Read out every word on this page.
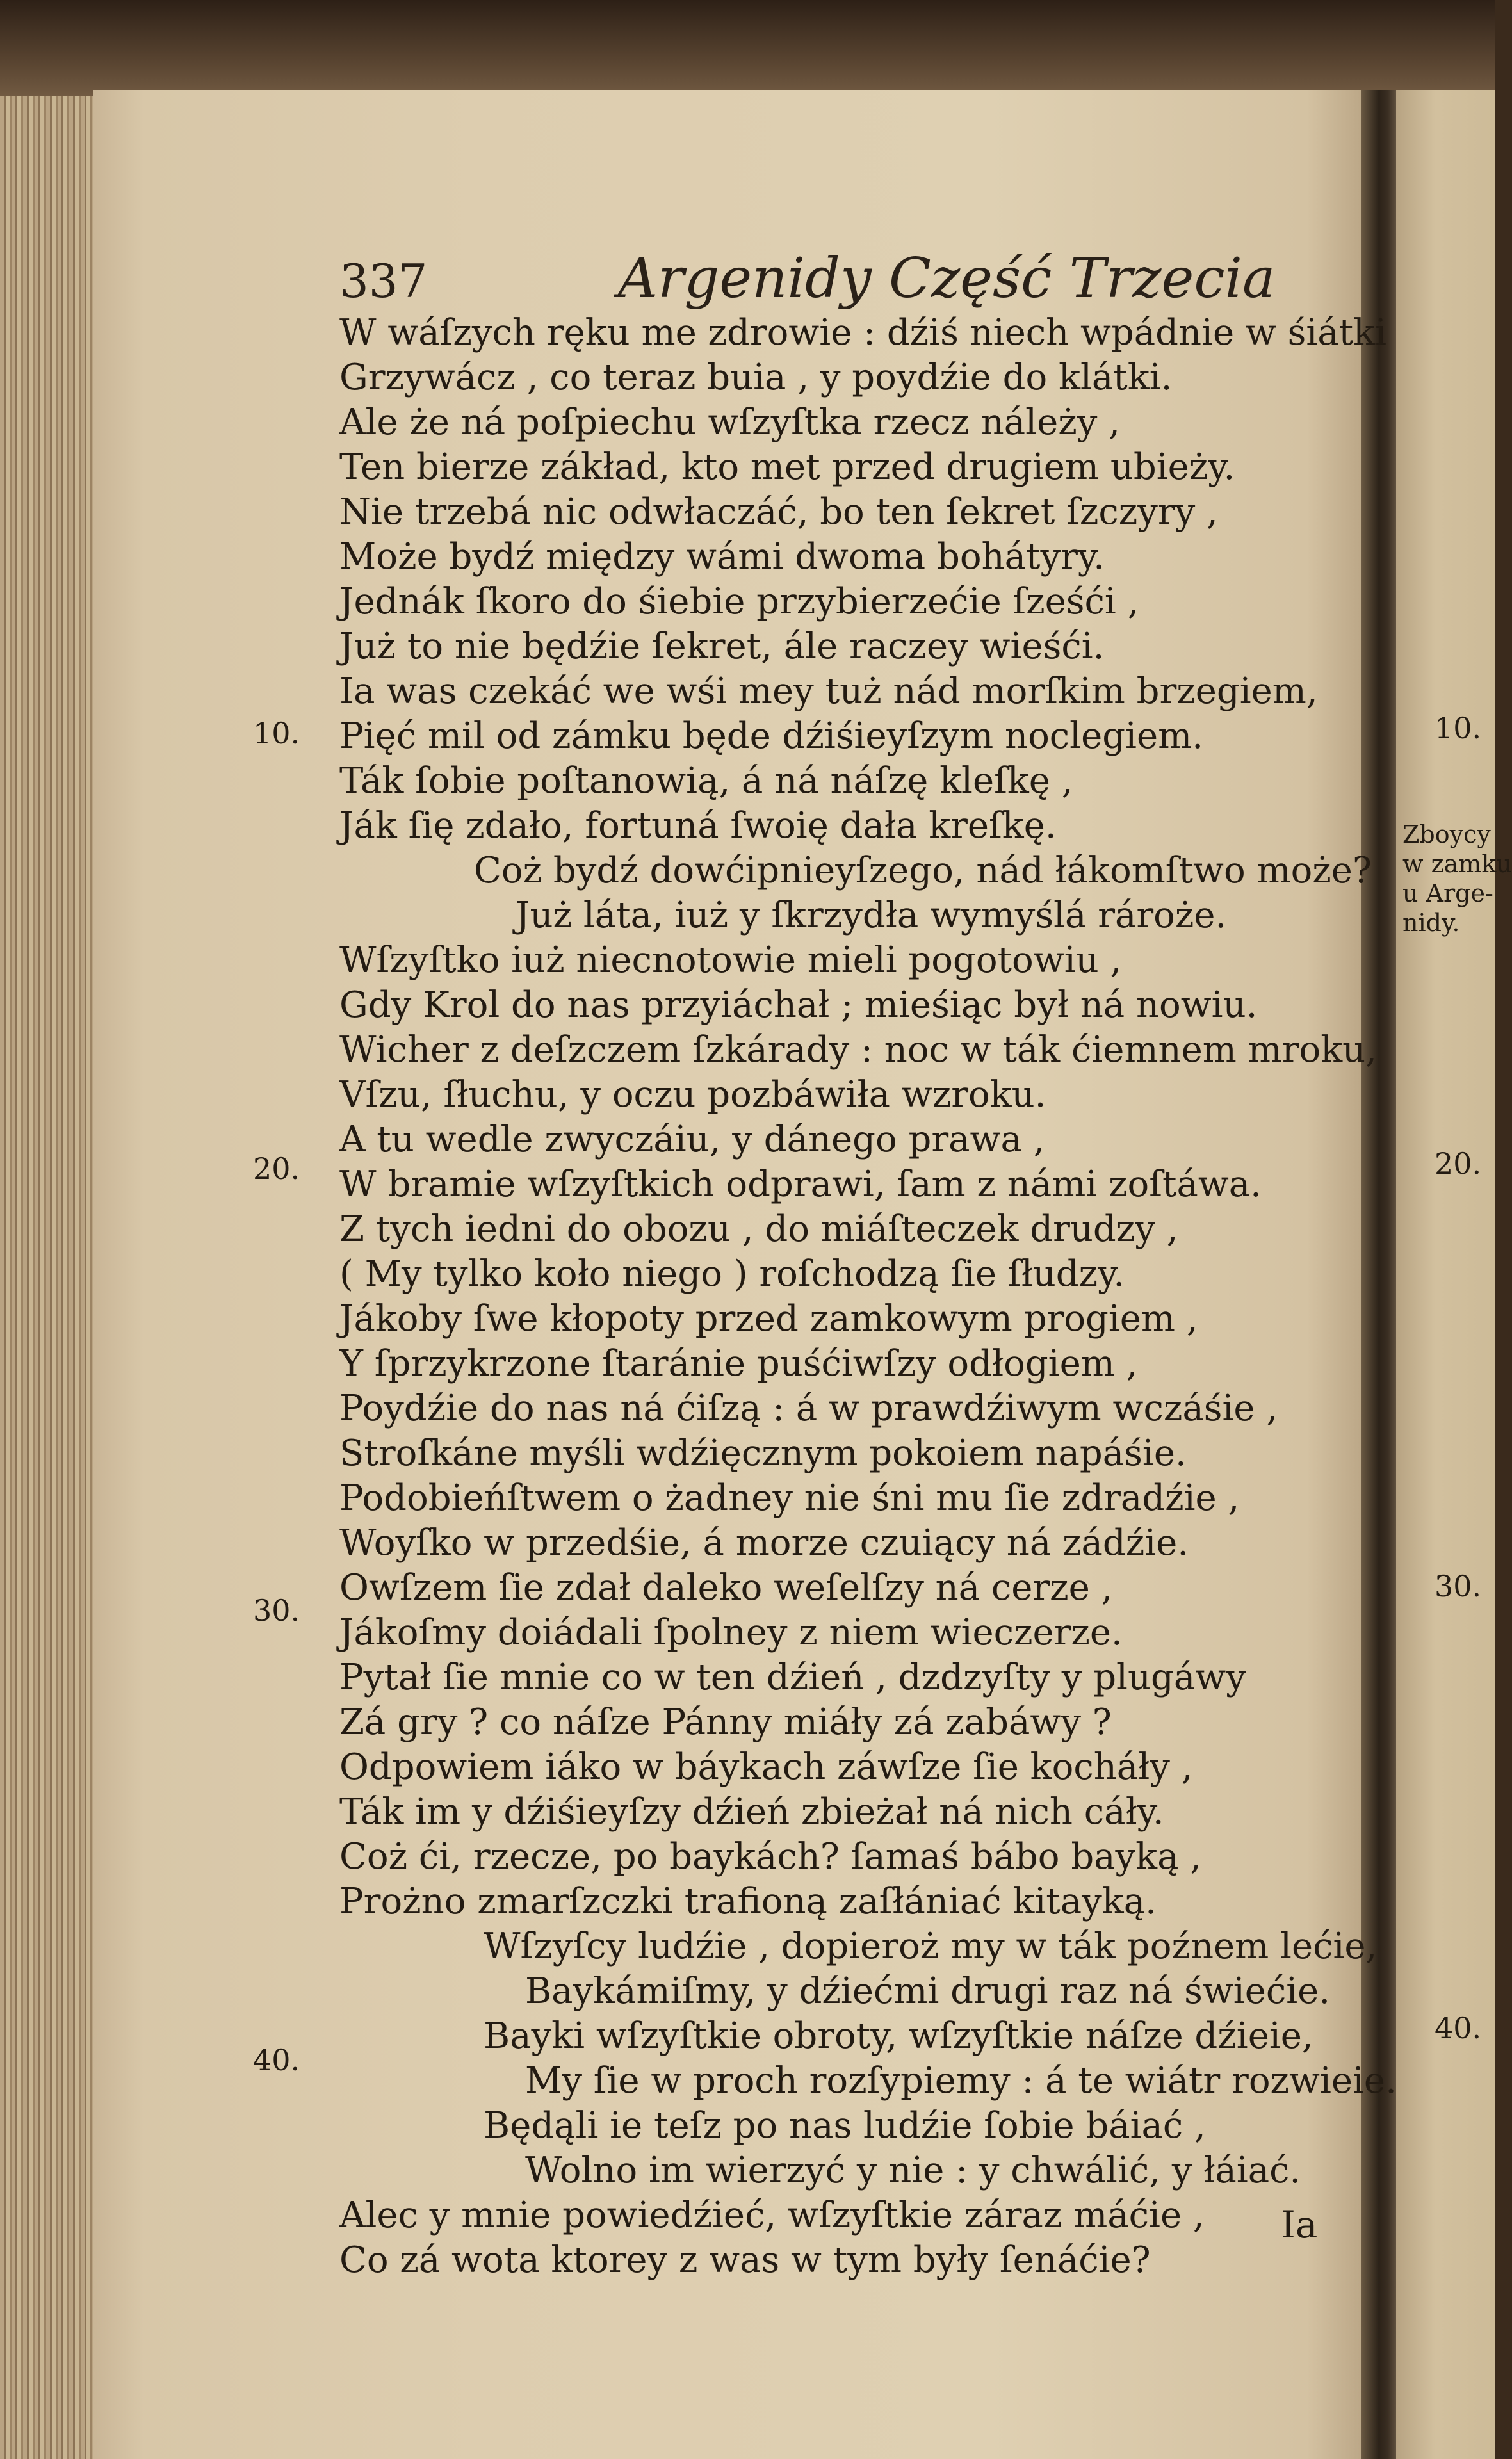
337	Argenidy Część Trzecia
W wáſzych ręku me zdrowie : dźiś niech wpádnie w śiátki
Grzywácz , co teraz buia , y poydźie do klátki.
Ale że ná poſpiechu wſzyſtka rzecz náleży ,
Ten bierze zákład, kto met przed drugiem ubieży.
Nie trzebá nic odwłaczáć, bo ten ſekret ſzczyry ,
Może bydź między wámi dwoma bohátyry.
Jednák ſkoro do śiebie przybierzećie ſześći ,
Już to nie będźie ſekret, ále raczey wieśći.
Ia was czekáć we wśi mey tuż nád morſkim brzegiem,
Pięć mil od zámku będe dźiśieyſzym noclegiem.
Ták ſobie poſtanowią, á ná náſzę kleſkę ,
Ják ſię zdało, fortuná ſwoię dała kreſkę.
Coż bydź dowćipnieyſzego, nád łákomſtwo może?
Już láta, iuż y ſkrzydła wymyślá rároże.
Wſzyſtko iuż niecnotowie mieli pogotowiu ,
Gdy Krol do nas przyiáchał ; mieśiąc był ná nowiu.
Wicher z deſzczem ſzkárady : noc w ták ćiemnem mroku,
Vſzu, ſłuchu, y oczu pozbáwiła wzroku.
A tu wedle zwyczáiu, y dánego prawa ,
W bramie wſzyſtkich odprawi, ſam z námi zoſtáwa.
Z tych iedni do obozu , do miáſteczek drudzy ,
( My tylko koło niego ) roſchodzą ſie ſłudzy.
Jákoby ſwe kłopoty przed zamkowym progiem ,
Y ſprzykrzone ſtaránie puśćiwſzy odłogiem ,
Poydźie do nas ná ćiſzą : á w prawdźiwym wczáśie ,
Stroſkáne myśli wdźięcznym pokoiem napáśie.
Podobieńſtwem o żadney nie śni mu ſie zdradźie ,
Woyſko w przedśie, á morze czuiący ná zádźie.
Owſzem ſie zdał daleko weſelſzy ná cerze ,
Jákoſmy doiádali ſpolney z niem wieczerze.
Pytał ſie mnie co w ten dźień , dzdzyſty y plugáwy
Zá gry ? co náſze Pánny miáły zá zabáwy ?
Odpowiem iáko w báykach záwſze ſie kocháły ,
Ták im y dźiśieyſzy dźień zbieżał ná nich cáły.
Coż ći, rzecze, po baykách? ſamaś bábo bayką ,
Prożno zmarſzczki trafioną zaſłániać kitayką.
Wſzyſcy ludźie , dopieroż my w ták poźnem lećie,
Baykámiſmy, y dźiećmi drugi raz ná świećie.
Bayki wſzyſtkie obroty, wſzyſtkie náſze dźieie,
My ſie w proch rozſypiemy : á te wiátr rozwieie.
Będąli ie teſz po nas ludźie ſobie báiać ,
Wolno im wierzyć y nie : y chwálić, y łáiać.
Alec y mnie powiedźieć, wſzyſtkie záraz máćie ,
Co zá wota ktorey z was w tym były ſenáćie?
10.
20.
30.
40.
10.
20.
30.
40.
Zboycy
w zamku
u Arge-
nidy.
Ia
